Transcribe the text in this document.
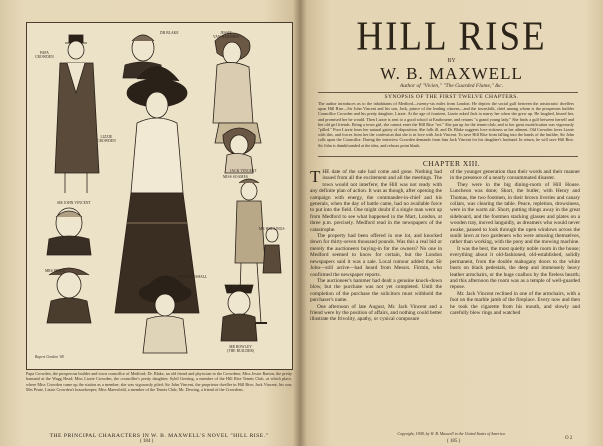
PAPA
CROWDEN
DR BLAKE	JESSIE
VAN BARTHEN
LIZZIE
CROWDEN
MISS SOAMES
JACK VINCENT
SIR JOHN VINCENT
MRS PEATE
MISS MARSHALL
MR HOLLINGS
MR BOWLEY
(THE BUILDER)
Rupert Gordon '08
Papa Crowden, the prosperous builder and town councillor of Medford; Dr. Blake, an old friend and physician to the Crowdens; Miss Jessie Barton, the pretty barmaid at the Wagg Head; Miss Lizzie Crowden, the councillor's pretty daughter; Sybil Geering, a member of the Hill Rise Tennis Club, at which place, where Miss Crowden came up the station as a member, she was vigorously piled; Sir John Vincent, the proprietor dweller in Hill Rise; Jack Vincent, his son; Mrs Peate, Lizzie Crowden's housekeeper; Miss Maresfield, a member of the Tennis Club; Mr. Dewing, a friend of the Crowdens.
THE PRINCIPAL CHARACTERS IN W. B. MAXWELL'S NOVEL "HILL RISE."
( 184 )
HILL RISE
BY
W. B. MAXWELL
Author of "Vivien," "The Guarded Flame," &c.
SYNOPSIS OF THE FIRST TWELVE CHAPTERS.
The author introduces us to the inhabitants of Medford—twenty-six miles from London. He depicts the social gulf between the aristocratic dwellers upon Hill Rise—Sir John Vincent and his son, Jack, prince of the leading citizens—and the townsfolk, chief among whom is the prosperous builder Councillor Crowden and his pretty daughter, Lizzie. At the age of fourteen, Lizzie asked Jack to marry her when she grew up. He laughed, kissed her, and promised her he would. Then Lizzie is sent to a good school at Eastbourne, and returns "a grand young lady." She finds a gulf between herself and her old girl friends. Being a town girl, she cannot enter the Hill Rise "set." She put up for the tennis-club, and to her great mortification was vigorously "pilled." Poor Lizzie loses her natural gaiety of disposition. She falls ill, and Dr. Blake suggests love-sickness as her ailment. Old Crowden loves Lizzie with this, and forces from her the confession that she is in love with Jack Vincent. To save Hill Rise from falling into the hands of the builder, Sir John calls upon the Councillor. During the interview Crowden demands from him Jack Vincent for his daughter's husband. In return, he will save Hill Rise. Sir John is dumbfounded at the idea, and refuses point blank.
CHAPTER XIII.

THE date of the sale had come and gone. Nothing had issued from all the excitement and all the meetings. The town would not interfere; the Hill was not ready with any definite plan of action. It was as though, after opening the campaign with energy, the commander-in-chief and his generals, when the day of battle came, had no available force to put into the field. One might doubt if a single man went up from Medford to see what happened in the Mart, London, at three p.m. precisely. Medford read in the newspapers of the catastrophe.

The property had been offered in one lot, and knocked down for thirty-seven thousand pounds. Was this a real bid or merely the auctioneers buying-in for the owners? No one in Medford seemed to know for certain, but the London newspapers said it was a sale. Local rumour added that Sir John—still active—had heard from Messrs. Firmin, who confirmed the newspaper reports.

The auctioneer's hammer had dealt a genuine knock-down blow, but the purchase was not yet completed. Until the completion of the purchase the solicitors must withhold the purchaser's name.

One afternoon of late August, Mr. Jack Vincent and a friend were by the position of affairs, and nothing could better illustrate the frivolity, apathy, or cynical composure

of the younger generation than their words and their manner in the presence of a nearly consummated disaster.

They were in the big dining-room of Hill House. Luncheon was done; Short, the butler, with Henry and Thomas, the two footmen, in their brown liveries and canary collars, was clearing the table. Peace, repletion, drowsiness, were in the warm air. Short, putting things away in the great sideboard, and the footmen stacking glasses and plates on a wooden tray, moved languidly, as dreamers who would never awake, paused to look through the open windows across the sunlit lawn at two gardeners who were amusing themselves, rather than working, with the pony and the mowing machine.

It was the best, the most quietly noble room in the house; everything about it old-fashioned, old-established, solidly permanent, from the double mahogany doors to the white busts on black pedestals, the deep and immensely heavy leather armchairs, or the huge coalbox by the fireless hearth; and this afternoon the room was as a temple of well-guarded repose.

Mr. Jack Vincent reclined in one of the armchairs, with a foot on the marble jamb of the fireplace. Every now and then he took the cigarette from his mouth, and slowly and carefully blew rings and watched

Copyright, 1908, by W. B. Maxwell in the United States of America.
( 185 )
O 2
